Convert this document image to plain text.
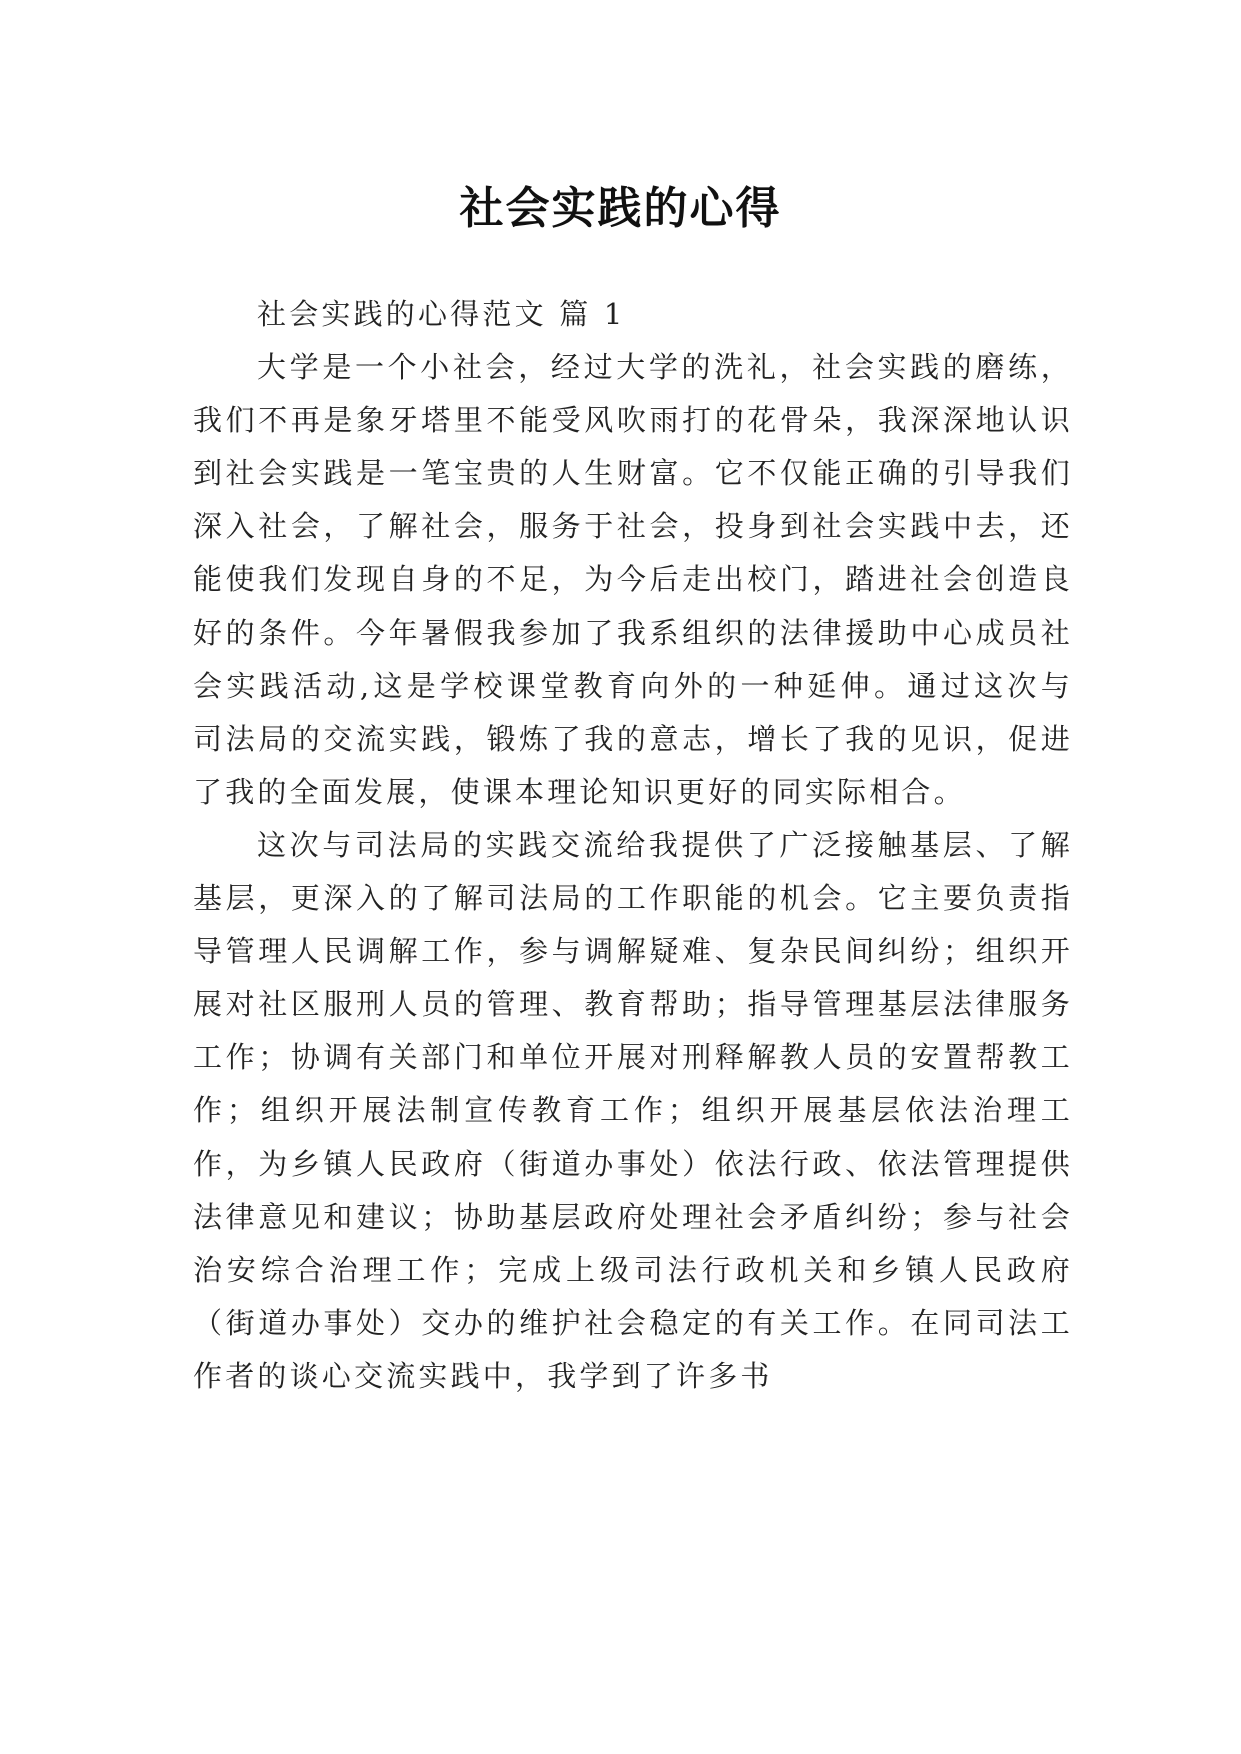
社会实践的心得

社会实践的心得范文 篇 1

大学是一个小社会，经过大学的洗礼，社会实践的磨练，我们不再是象牙塔里不能受风吹雨打的花骨朵，我深深地认识到社会实践是一笔宝贵的人生财富。它不仅能正确的引导我们深入社会，了解社会，服务于社会，投身到社会实践中去，还能使我们发现自身的不足，为今后走出校门，踏进社会创造良好的条件。今年暑假我参加了我系组织的法律援助中心成员社会实践活动,这是学校课堂教育向外的一种延伸。通过这次与司法局的交流实践，锻炼了我的意志，增长了我的见识，促进了我的全面发展，使课本理论知识更好的同实际相合。

这次与司法局的实践交流给我提供了广泛接触基层、了解基层，更深入的了解司法局的工作职能的机会。它主要负责指导管理人民调解工作，参与调解疑难、复杂民间纠纷；组织开展对社区服刑人员的管理、教育帮助；指导管理基层法律服务工作；协调有关部门和单位开展对刑释解教人员的安置帮教工作；组织开展法制宣传教育工作；组织开展基层依法治理工作，为乡镇人民政府（街道办事处）依法行政、依法管理提供法律意见和建议；协助基层政府处理社会矛盾纠纷；参与社会治安综合治理工作；完成上级司法行政机关和乡镇人民政府（街道办事处）交办的维护社会稳定的有关工作。在同司法工作者的谈心交流实践中，我学到了许多书
